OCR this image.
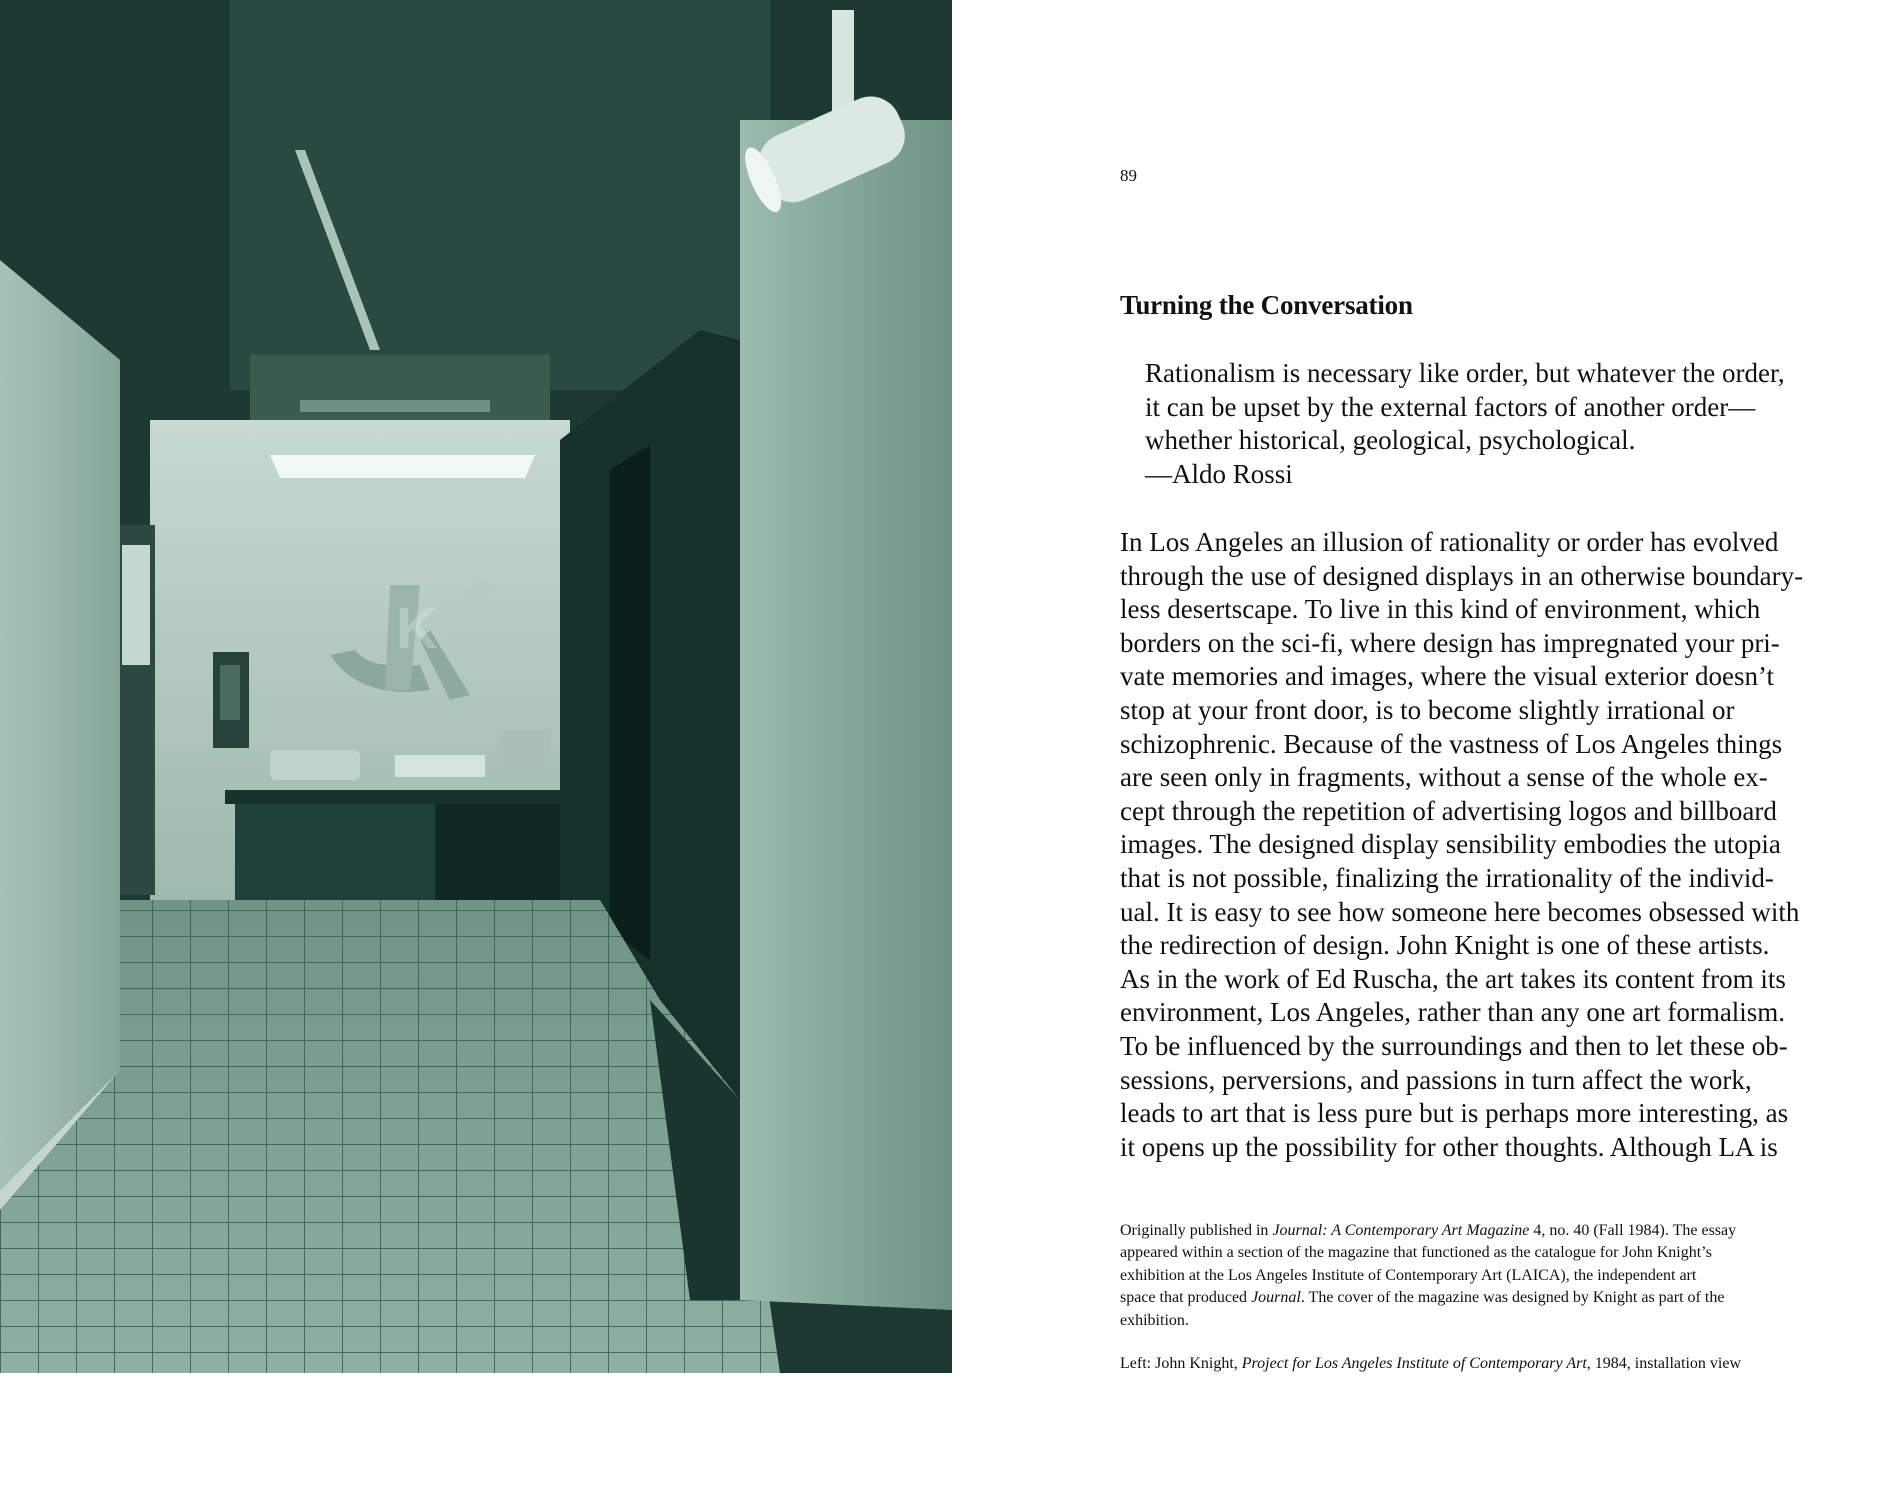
K
89
Turning the Conversation
Rationalism is necessary like order, but whatever the order,
it can be upset by the external factors of another order—
whether historical, geological, psychological.
—Aldo Rossi
In Los Angeles an illusion of rationality or order has evolved
through the use of designed displays in an otherwise boundary-
less desertscape. To live in this kind of environment, which
borders on the sci-fi, where design has impregnated your pri-
vate memories and images, where the visual exterior doesn’t
stop at your front door, is to become slightly irrational or
schizophrenic. Because of the vastness of Los Angeles things
are seen only in fragments, without a sense of the whole ex-
cept through the repetition of advertising logos and billboard
images. The designed display sensibility embodies the utopia
that is not possible, finalizing the irrationality of the individ-
ual. It is easy to see how someone here becomes obsessed with
the redirection of design. John Knight is one of these artists.
As in the work of Ed Ruscha, the art takes its content from its
environment, Los Angeles, rather than any one art formalism.
To be influenced by the surroundings and then to let these ob-
sessions, perversions, and passions in turn affect the work,
leads to art that is less pure but is perhaps more interesting, as
it opens up the possibility for other thoughts. Although LA is
Originally published in Journal: A Contemporary Art Magazine 4, no. 40 (Fall 1984). The essay
appeared within a section of the magazine that functioned as the catalogue for John Knight’s
exhibition at the Los Angeles Institute of Contemporary Art (LAICA), the independent art
space that produced Journal. The cover of the magazine was designed by Knight as part of the
exhibition.
Left: John Knight, Project for Los Angeles Institute of Contemporary Art, 1984, installation view
